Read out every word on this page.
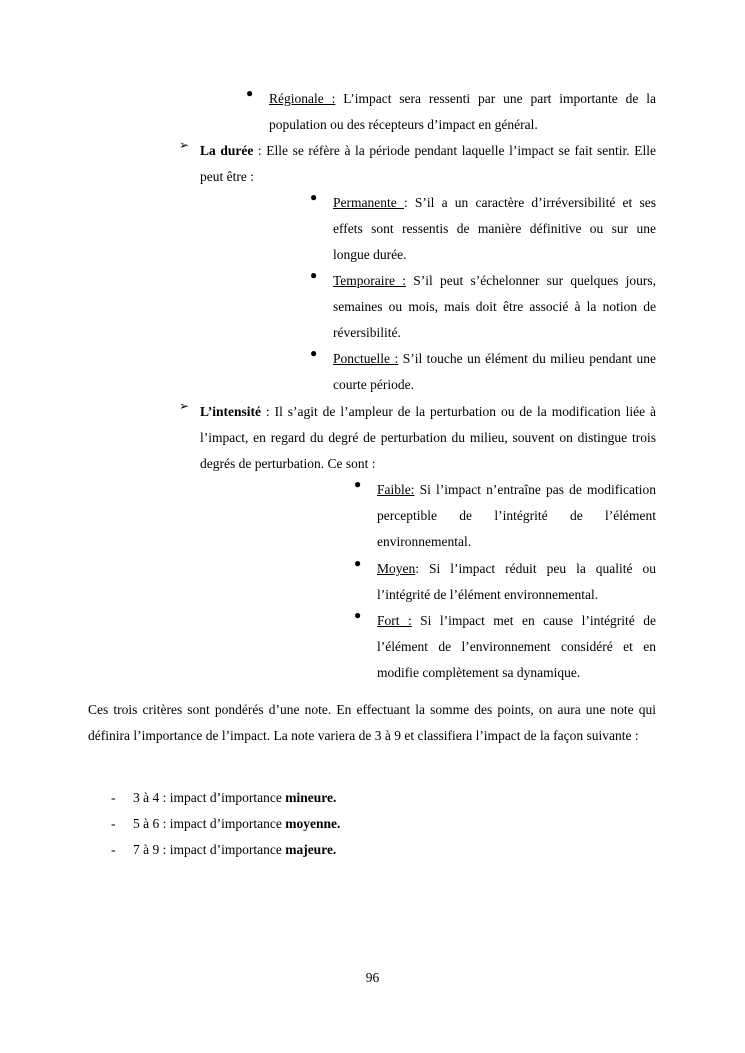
● Régionale : L’impact sera ressenti par une part importante de la population ou des récepteurs d’impact en général.
➢ La durée : Elle se réfère à la période pendant laquelle l’impact se fait sentir. Elle peut être :
● Permanente : S’il a un caractère d’irréversibilité et ses effets sont ressentis de manière définitive ou sur une longue durée.
● Temporaire : S’il peut s’échelonner sur quelques jours, semaines ou mois, mais doit être associé à la notion de réversibilité.
● Ponctuelle : S’il touche un élément du milieu pendant une courte période.
➢ L’intensité : Il s’agit de l’ampleur de la perturbation ou de la modification liée à l’impact, en regard du degré de perturbation du milieu, souvent on distingue trois degrés de perturbation. Ce sont :
● Faible: Si l’impact n’entraîne pas de modification perceptible de l’intégrité de l’élément environnemental.
● Moyen: Si l’impact réduit peu la qualité ou l’intégrité de l’élément environnemental.
● Fort : Si l’impact met en cause l’intégrité de l’élément de l’environnement considéré et en modifie complètement sa dynamique.
Ces trois critères sont pondérés d’une note. En effectuant la somme des points, on aura une note qui définira l’importance de l’impact. La note variera de 3 à 9 et classifiera l’impact de la façon suivante :
- 3 à 4 : impact d’importance mineure.
- 5 à 6 : impact d’importance moyenne.
- 7 à 9 : impact d’importance majeure.
96
